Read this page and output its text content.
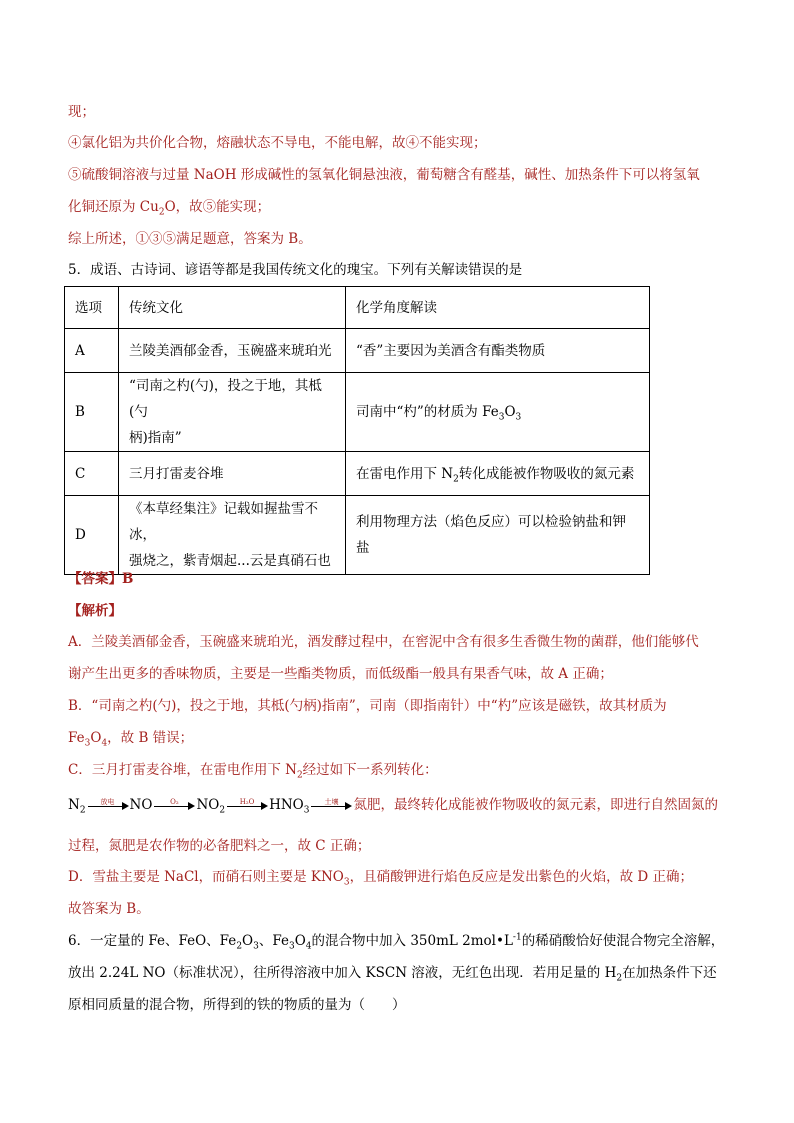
现；
④氯化铝为共价化合物，熔融状态不导电，不能电解，故④不能实现；
⑤硫酸铜溶液与过量 NaOH 形成碱性的氢氧化铜悬浊液，葡萄糖含有醛基，碱性、加热条件下可以将氢氧
化铜还原为 $Cu_2O$，故⑤能实现；
综上所述，①③⑤满足题意，答案为 B。
5．成语、古诗词、谚语等都是我国传统文化的瑰宝。下列有关解读错误的是
选项	传统文化	化学角度解读
A	兰陵美酒郁金香，玉碗盛来琥珀光	“香”主要因为美酒含有酯类物质
B	“司南之杓(勺)，投之于地，其柢(勺
柄)指南”	司南中“杓”的材质为 $Fe_3O_3$
C	三月打雷麦谷堆	在雷电作用下 $N_2$转化成能被作物吸收的氮元素
D	《本草经集注》记载如握盐雪不冰，
强烧之，紫青烟起...云是真硝石也	利用物理方法（焰色反应）可以检验钠盐和钾盐
【答案】B
【解析】
A．兰陵美酒郁金香，玉碗盛来琥珀光，酒发酵过程中，在窖泥中含有很多生香微生物的菌群，他们能够代
谢产生出更多的香味物质，主要是一些酯类物质，而低级酯一般具有果香气味，故 A 正确；
B．“司南之杓(勺)，投之于地，其柢(勺柄)指南”，司南（即指南针）中“杓”应该是磁铁，故其材质为
$Fe_3O_4$，故 B 错误；
C．三月打雷麦谷堆，在雷电作用下 $N_2$经过如下一系列转化：
$N_2$
放电	NO	O₂	$NO_2$
H₂O	$HNO_3$
土壤	氮肥，最终转化成能被作物吸收的氮元素，即进行自然固氮的
过程，氮肥是农作物的必备肥料之一，故 C 正确；
D．雪盐主要是 NaCl，而硝石则主要是 $KNO_3$，且硝酸钾进行焰色反应是发出紫色的火焰，故 D 正确；
故答案为 B。
6．一定量的 Fe、FeO、$Fe_2O_3$、$Fe_3O_4$的混合物中加入 350mL $2mol•L^{-1}$的稀硝酸恰好使混合物完全溶解，
放出 2.24L NO（标准状况），往所得溶液中加入 KSCN 溶液，无红色出现．若用足量的 $H_2$在加热条件下还
原相同质量的混合物，所得到的铁的物质的量为（　　）
